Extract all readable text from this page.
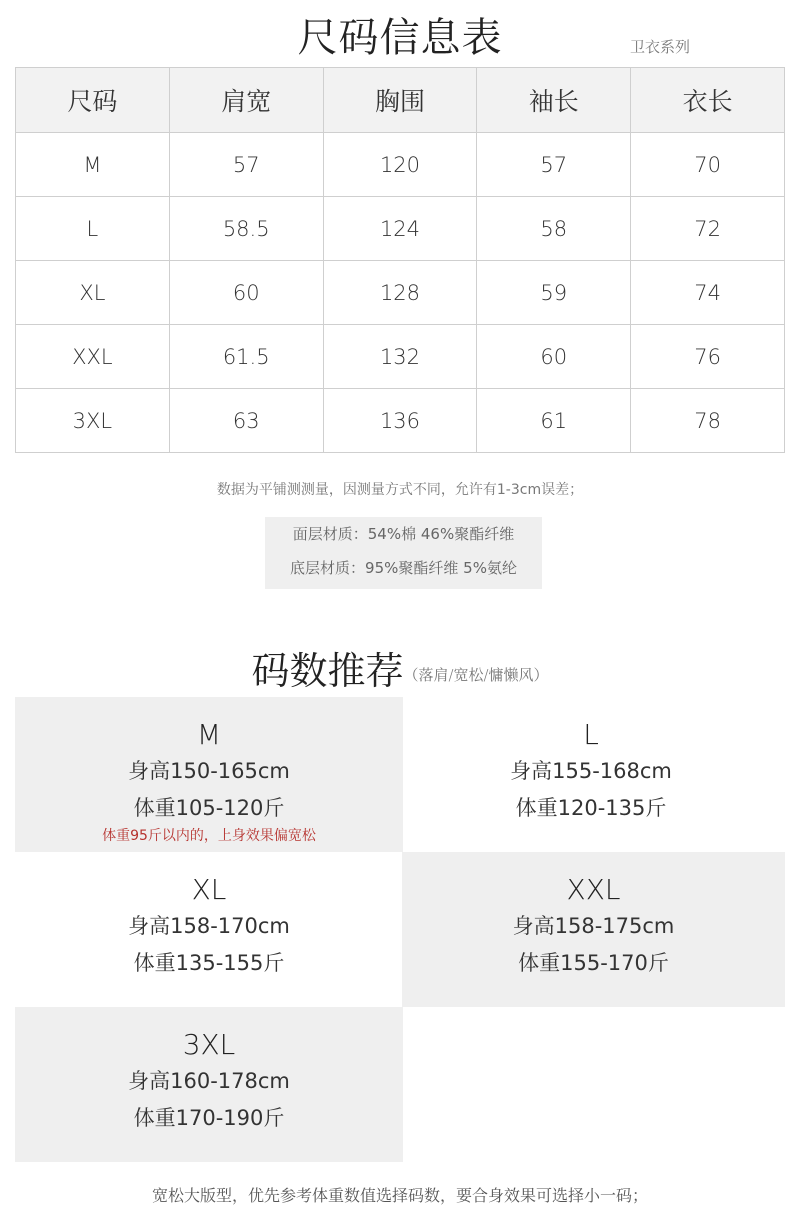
尺码信息表	卫衣系列
尺码	肩宽	胸围	袖长	衣长
M	57	120	57	70
L	58.5	124	58	72
XL	60	128	59	74
XXL	61.5	132	60	76
3XL	63	136	61	78
数据为平铺测测量，因测量方式不同，允许有1-3cm误差；
面层材质：54%棉 46%聚酯纤维
底层材质：95%聚酯纤维 5%氨纶
码数推荐$^{(落肩/宽松/慵懒风)}$
M
身高150-165cm
体重105-120斤
体重95斤以内的，上身效果偏宽松
L
身高155-168cm
体重120-135斤
XL
身高158-170cm
体重135-155斤
XXL
身高158-175cm
体重155-170斤
3XL
身高160-178cm
体重170-190斤
宽松大版型，优先参考体重数值选择码数，要合身效果可选择小一码；
